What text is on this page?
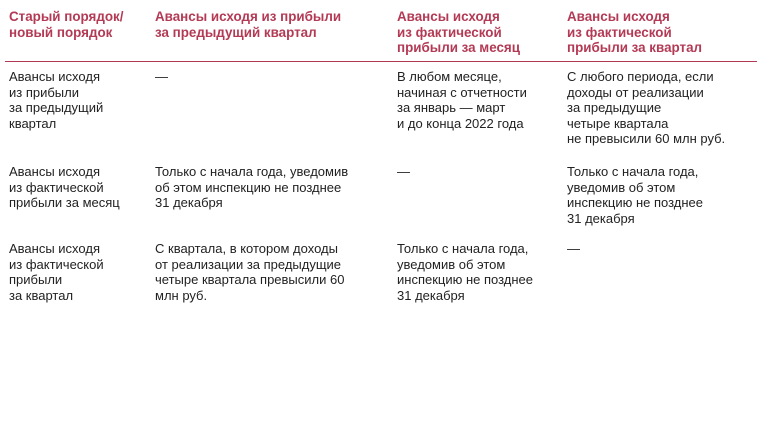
Старый порядок/
новый порядок
Авансы исходя из прибыли
за предыдущий квартал
Авансы исходя
из фактической
прибыли за месяц
Авансы исходя
из фактической
прибыли за квартал
Авансы исходя
из прибыли
за предыдущий
квартал
—	В любом месяце,
начиная с отчетности
за январь — март
и до конца 2022 года
С любого периода, если
доходы от реализации
за предыдущие
четыре квартала
не превысили 60 млн руб.
Авансы исходя
из фактической
прибыли за месяц
Только с начала года, уведомив
об этом инспекцию не позднее
31 декабря
—	Только с начала года,
уведомив об этом
инспекцию не позднее
31 декабря
Авансы исходя
из фактической
прибыли
за квартал
С квартала, в котором доходы
от реализации за предыдущие
четыре квартала превысили 60
млн руб.
Только с начала года,
уведомив об этом
инспекцию не позднее
31 декабря
—
